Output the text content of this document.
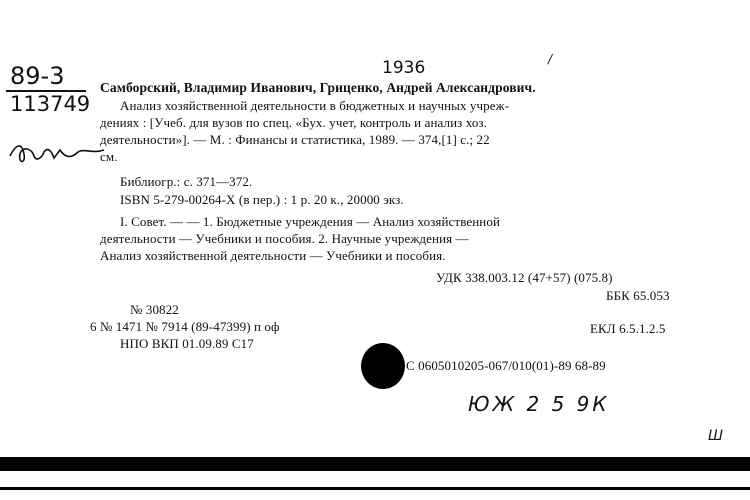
89-3
113749
1936	/
Самборский, Владимир Иванович, Гриценко, Андрей Александрович.
Анализ хозяйственной деятельности в бюджетных и научных учреж-
дениях : [Учеб. для вузов по спец. «Бух. учет, контроль и анализ хоз.
деятельности»]. — М. : Финансы и статистика, 1989. — 374,[1] с.; 22
см.
Библиогр.: с. 371—372.
ISBN 5-279-00264-X (в пер.) : 1 р. 20 к., 20000 экз.
I. Совет. — — 1. Бюджетные учреждения — Анализ хозяйственной
деятельности — Учебники и пособия. 2. Научные учреждения —
Анализ хозяйственной деятельности — Учебники и пособия.
УДК 338.003.12 (47+57) (075.8)
ББК 65.053
№ 30822
6 № 1471 № 7914 (89-47399) п оф
НПО ВКП 01.09.89 С17
ЕКЛ 6.5.1.2.5
С 0605010205-067/010(01)-89 68-89
ЮЖ 2 5 9К
Ш
